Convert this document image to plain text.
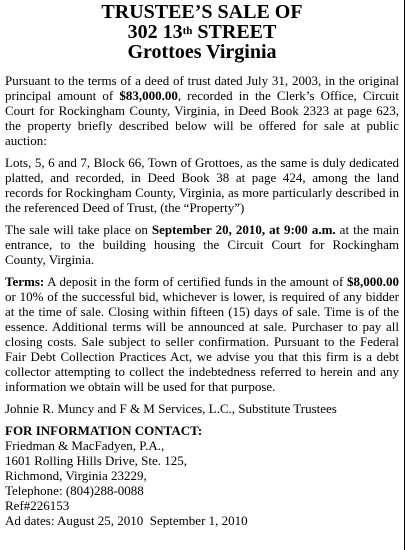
TRUSTEE’S SALE OF

302 13th STREET

Grottoes Virginia

Pursuant to the terms of a deed of trust dated July 31, 2003, in the original principal amount of $83,000.00, recorded in the Clerk’s Office, Circuit Court for Rockingham County, Virginia, in Deed Book 2323 at page 623, the property briefly described below will be offered for sale at public auction:

Lots, 5, 6 and 7, Block 66, Town of Grottoes, as the same is duly dedicated platted, and recorded, in Deed Book 38 at page 424, among the land records for Rockingham County, Virginia, as more particularly described in the referenced Deed of Trust, (the “Property”)

The sale will take place on September 20, 2010, at 9:00 a.m. at the main entrance, to the building housing the Circuit Court for Rockingham County, Virginia.

Terms: A deposit in the form of certified funds in the amount of $8,000.00 or 10% of the successful bid, whichever is lower, is required of any bidder at the time of sale. Closing within fifteen (15) days of sale. Time is of the essence. Additional terms will be announced at sale. Purchaser to pay all closing costs. Sale subject to seller confirmation. Pursuant to the Federal Fair Debt Collection Practices Act, we advise you that this firm is a debt collector attempting to collect the indebtedness referred to herein and any information we obtain will be used for that purpose.

Johnie R. Muncy and F & M Services, L.C., Substitute Trustees

FOR INFORMATION CONTACT:

Friedman & MacFadyen, P.A.,

1601 Rolling Hills Drive, Ste. 125,

Richmond, Virginia 23229,

Telephone: (804)288-0088

Ref#226153

Ad dates: August 25, 2010  September 1, 2010
